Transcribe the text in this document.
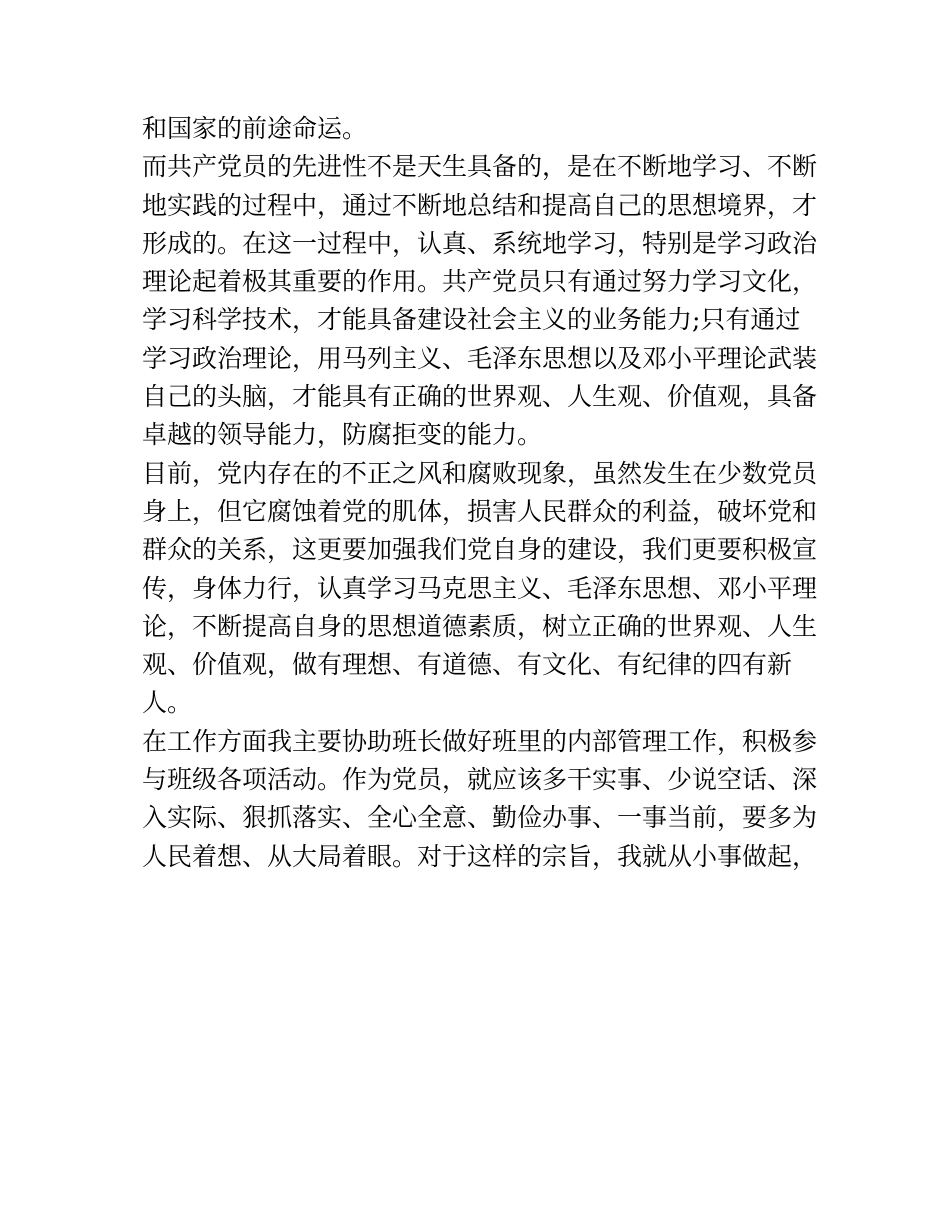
和国家的前途命运。
而共产党员的先进性不是天生具备的，是在不断地学习、不断
地实践的过程中，通过不断地总结和提高自己的思想境界，才
形成的。在这一过程中，认真、系统地学习，特别是学习政治
理论起着极其重要的作用。共产党员只有通过努力学习文化，
学习科学技术，才能具备建设社会主义的业务能力;只有通过
学习政治理论，用马列主义、毛泽东思想以及邓小平理论武装
自己的头脑，才能具有正确的世界观、人生观、价值观，具备
卓越的领导能力，防腐拒变的能力。
目前，党内存在的不正之风和腐败现象，虽然发生在少数党员
身上，但它腐蚀着党的肌体，损害人民群众的利益，破坏党和
群众的关系，这更要加强我们党自身的建设，我们更要积极宣
传，身体力行，认真学习马克思主义、毛泽东思想、邓小平理
论，不断提高自身的思想道德素质，树立正确的世界观、人生
观、价值观，做有理想、有道德、有文化、有纪律的四有新
人。
在工作方面我主要协助班长做好班里的内部管理工作，积极参
与班级各项活动。作为党员，就应该多干实事、少说空话、深
入实际、狠抓落实、全心全意、勤俭办事、一事当前，要多为
人民着想、从大局着眼。对于这样的宗旨，我就从小事做起，
